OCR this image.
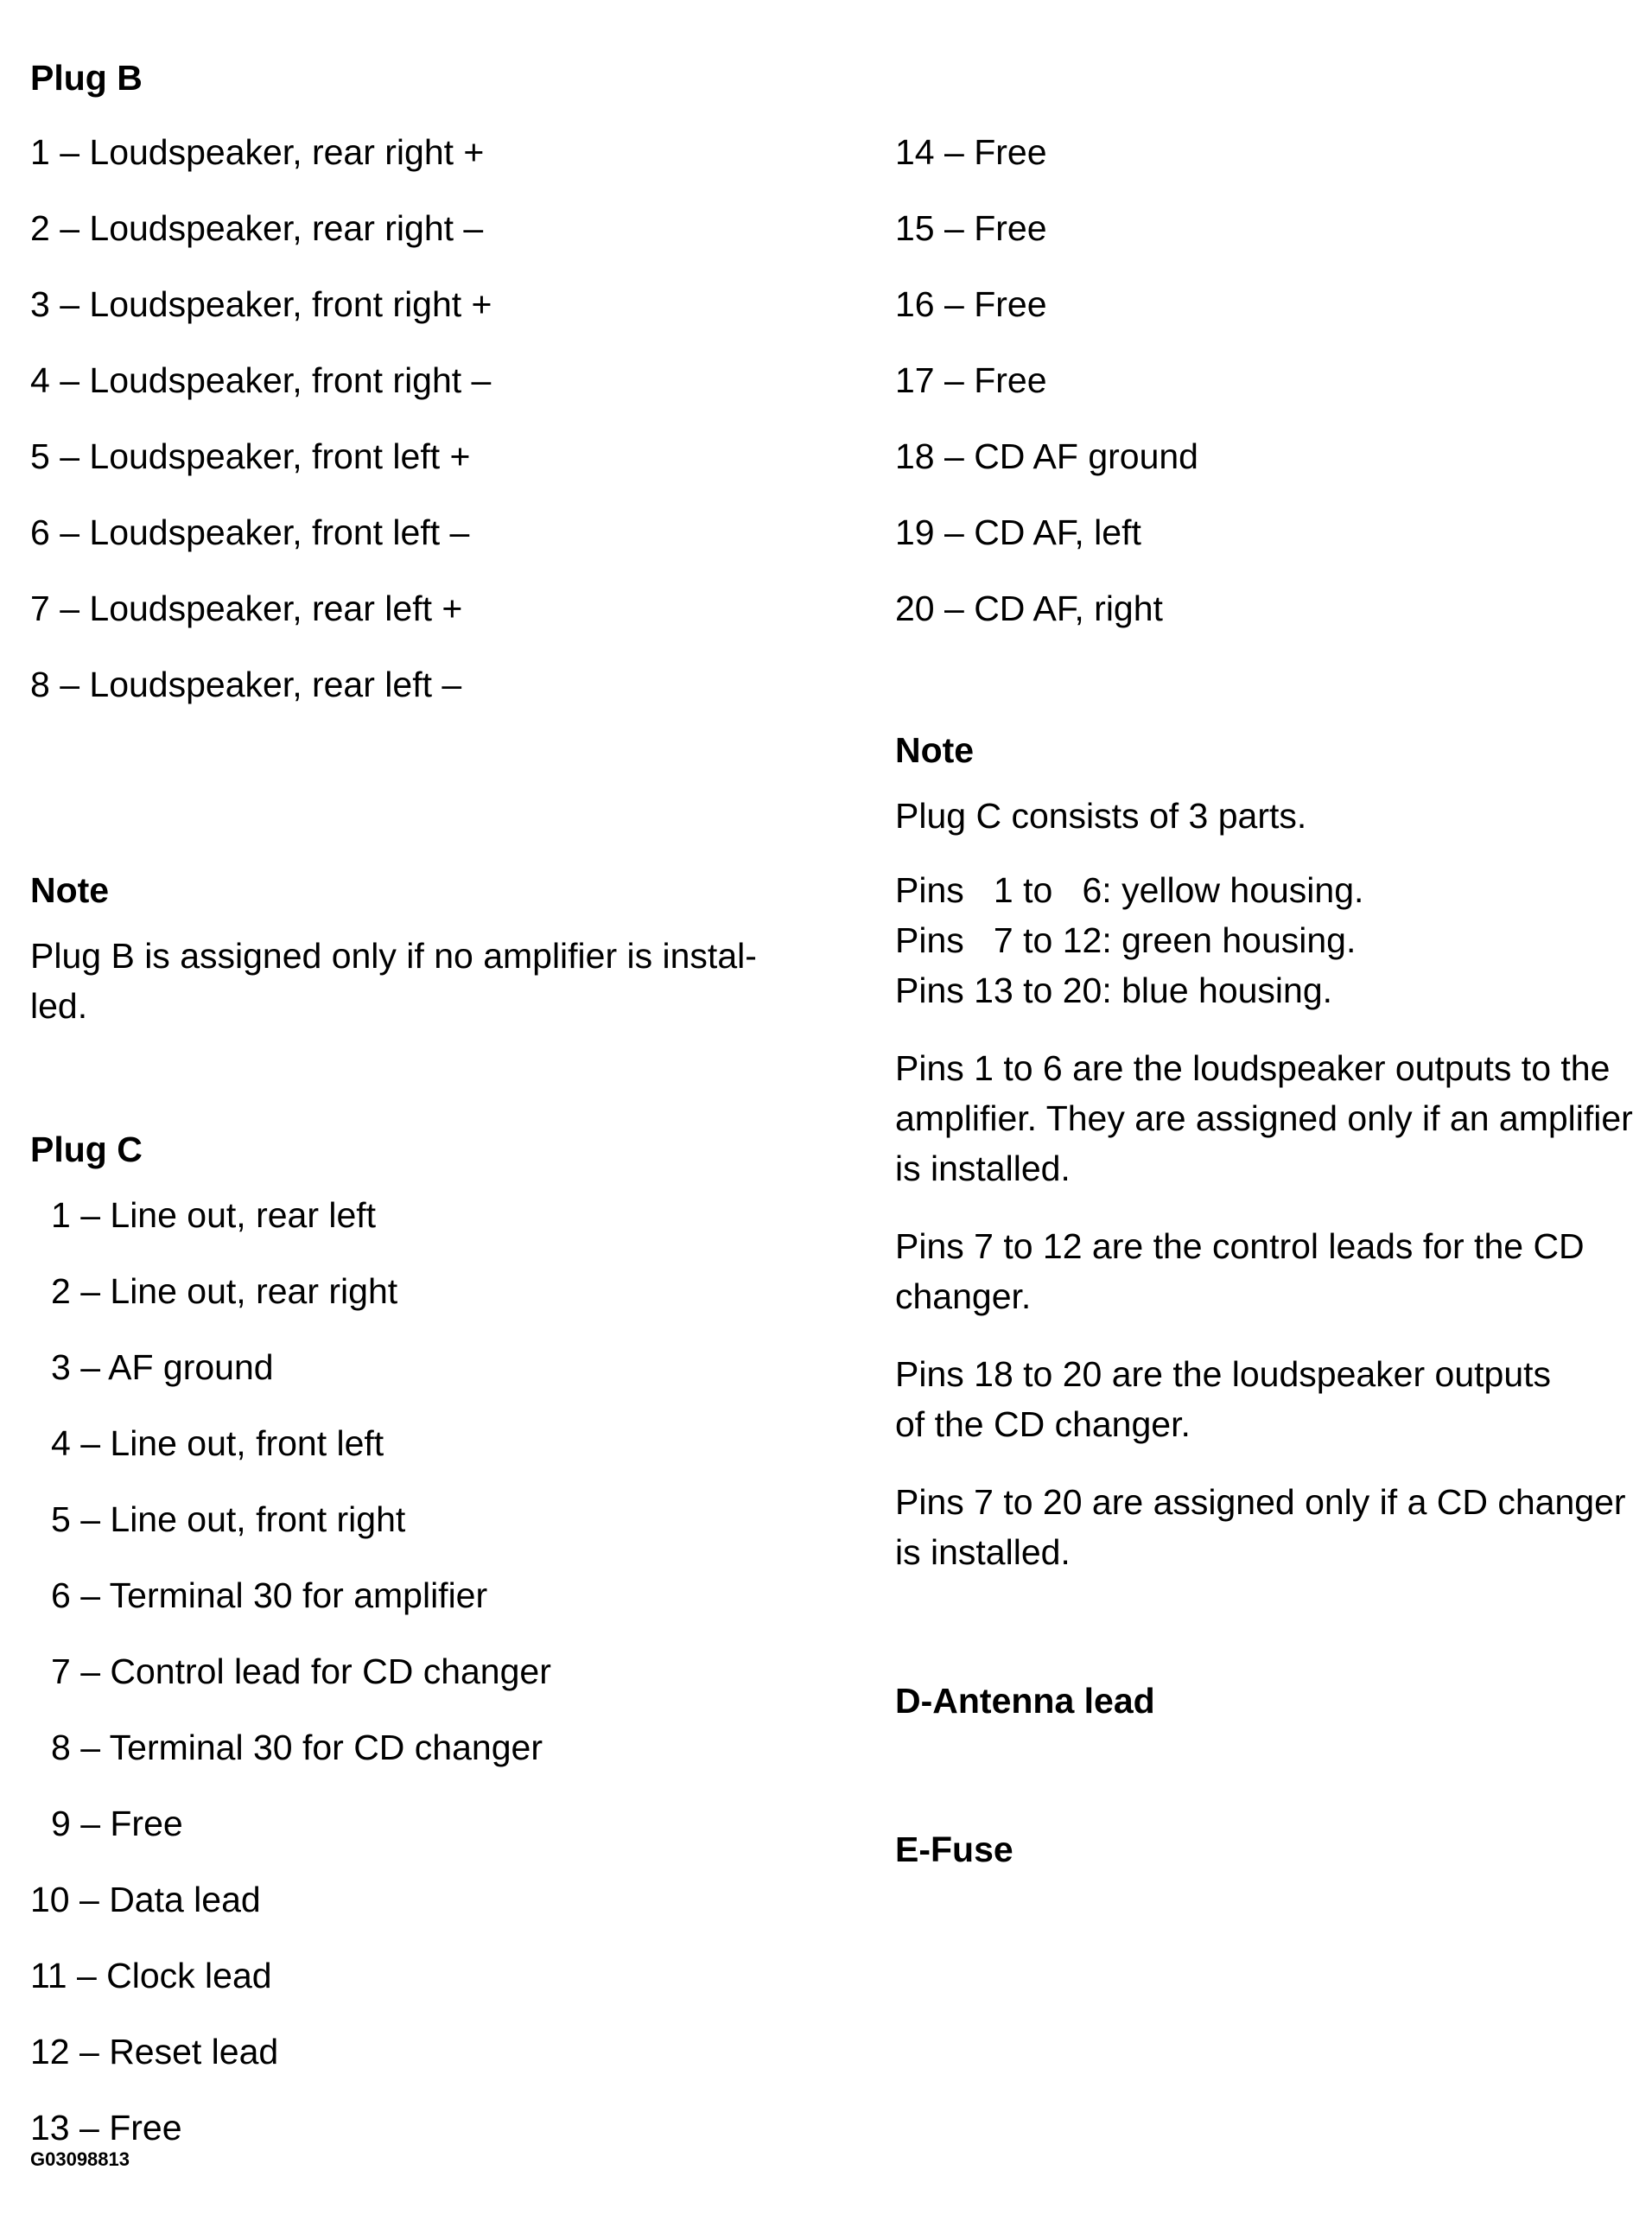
Plug B
1 – Loudspeaker, rear right +
2 – Loudspeaker, rear right –
3 – Loudspeaker, front right +
4 – Loudspeaker, front right –
5 – Loudspeaker, front left +
6 – Loudspeaker, front left –
7 – Loudspeaker, rear left +
8 – Loudspeaker, rear left –
Note
Plug B is assigned only if no amplifier is instal-
led.
Plug C
1 – Line out, rear left
2 – Line out, rear right
3 – AF ground
4 – Line out, front left
5 – Line out, front right
6 – Terminal 30 for amplifier
7 – Control lead for CD changer
8 – Terminal 30 for CD changer
9 – Free
10 – Data lead
11 – Clock lead
12 – Reset lead
13 – Free
14 – Free
15 – Free
16 – Free
17 – Free
18 – CD AF ground
19 – CD AF, left
20 – CD AF, right
Note
Plug C consists of 3 parts.
Pins   1 to   6: yellow housing.
Pins   7 to 12: green housing.
Pins 13 to 20: blue housing.
Pins 1 to 6 are the loudspeaker outputs to the
amplifier. They are assigned only if an amplifier
is installed.
Pins 7 to 12 are the control leads for the CD
changer.
Pins 18 to 20 are the loudspeaker outputs
of the CD changer.
Pins 7 to 20 are assigned only if a CD changer
is installed.
D-Antenna lead
E-Fuse
G03098813
